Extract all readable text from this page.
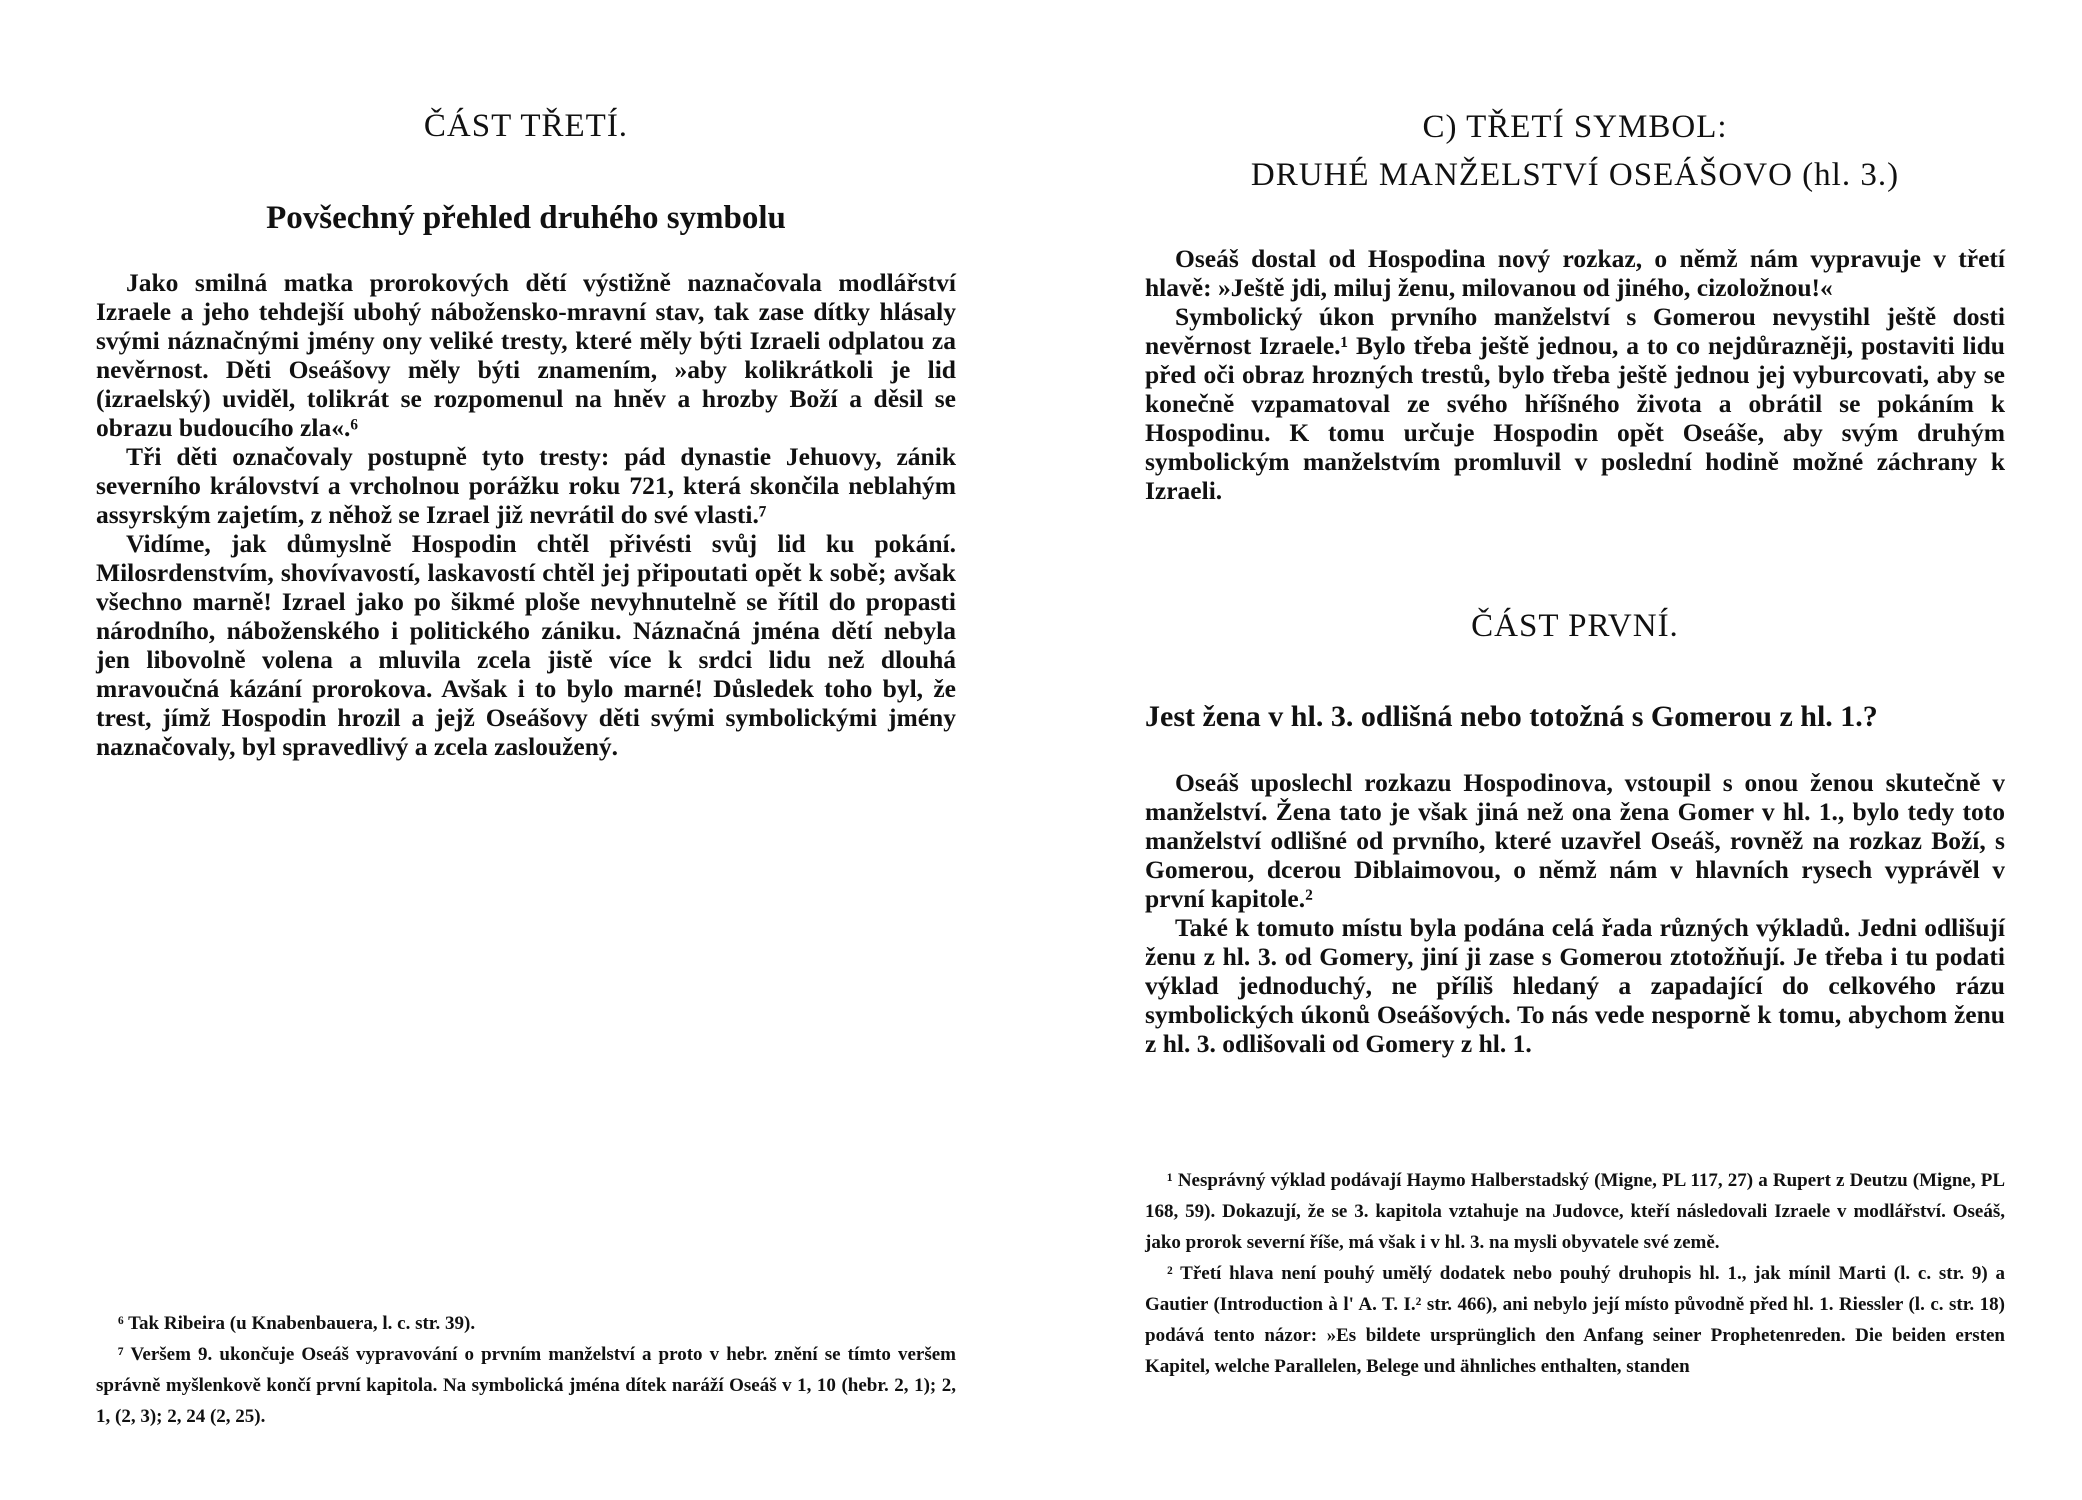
ČÁST TŘETÍ.
Povšechný přehled druhého symbolu

Jako smilná matka prorokových dětí výstižně naznačovala modlářství Izraele a jeho tehdejší ubohý nábožensko-mravní stav, tak zase dítky hlásaly svými náznačnými jmény ony veliké tresty, které měly býti Izraeli odplatou za nevěrnost. Děti Oseášovy měly býti znamením, »aby kolikrátkoli je lid (izraelský) uviděl, tolikrát se rozpomenul na hněv a hrozby Boží a děsil se obrazu budoucího zla«.⁶

Tři děti označovaly postupně tyto tresty: pád dynastie Jehuovy, zánik severního království a vrcholnou porážku roku 721, která skončila neblahým assyrským zajetím, z něhož se Izrael již nevrátil do své vlasti.⁷

Vidíme, jak důmyslně Hospodin chtěl přivésti svůj lid ku pokání. Milosrdenstvím, shovívavostí, laskavostí chtěl jej připoutati opět k sobě; avšak všechno marně! Izrael jako po šikmé ploše nevyhnutelně se řítil do propasti národního, náboženského i politického zániku. Náznačná jména dětí nebyla jen libovolně volena a mluvila zcela jistě více k srdci lidu než dlouhá mravoučná kázání prorokova. Avšak i to bylo marné! Důsledek toho byl, že trest, jímž Hospodin hrozil a jejž Oseášovy děti svými symbolickými jmény naznačovaly, byl spravedlivý a zcela zasloužený.

⁶ Tak Ribeira (u Knabenbauera, l. c. str. 39).

⁷ Veršem 9. ukončuje Oseáš vypravování o prvním manželství a proto v hebr. znění se tímto veršem správně myšlenkově končí první kapitola. Na symbolická jména dítek naráží Oseáš v 1, 10 (hebr. 2, 1); 2, 1, (2, 3); 2, 24 (2, 25).

C) TŘETÍ SYMBOL:
DRUHÉ MANŽELSTVÍ OSEÁŠOVO (hl. 3.)

Oseáš dostal od Hospodina nový rozkaz, o němž nám vypravuje v třetí hlavě: »Ještě jdi, miluj ženu, milovanou od jiného, cizoložnou!«

Symbolický úkon prvního manželství s Gomerou nevystihl ještě dosti nevěrnost Izraele.¹ Bylo třeba ještě jednou, a to co nejdůrazněji, postaviti lidu před oči obraz hrozných trestů, bylo třeba ještě jednou jej vyburcovati, aby se konečně vzpamatoval ze svého hříšného života a obrátil se pokáním k Hospodinu. K tomu určuje Hospodin opět Oseáše, aby svým druhým symbolickým manželstvím promluvil v poslední hodině možné záchrany k Izraeli.

ČÁST PRVNÍ.
Jest žena v hl. 3. odlišná nebo totožná s Gomerou z hl. 1.?

Oseáš uposlechl rozkazu Hospodinova, vstoupil s onou ženou skutečně v manželství. Žena tato je však jiná než ona žena Gomer v hl. 1., bylo tedy toto manželství odlišné od prvního, které uzavřel Oseáš, rovněž na rozkaz Boží, s Gomerou, dcerou Diblaimovou, o němž nám v hlavních rysech vyprávěl v první kapitole.²

Také k tomuto místu byla podána celá řada různých výkladů. Jedni odlišují ženu z hl. 3. od Gomery, jiní ji zase s Gomerou ztotožňují. Je třeba i tu podati výklad jednoduchý, ne příliš hledaný a zapadající do celkového rázu symbolických úkonů Oseášových. To nás vede nesporně k tomu, abychom ženu z hl. 3. odlišovali od Gomery z hl. 1.

¹ Nesprávný výklad podávají Haymo Halberstadský (Migne, PL 117, 27) a Rupert z Deutzu (Migne, PL 168, 59). Dokazují, že se 3. kapitola vztahuje na Judovce, kteří následovali Izraele v modlářství. Oseáš, jako prorok severní říše, má však i v hl. 3. na mysli obyvatele své země.

² Třetí hlava není pouhý umělý dodatek nebo pouhý druhopis hl. 1., jak mínil Marti (l. c. str. 9) a Gautier (Introduction à l' A. T. I.² str. 466), ani nebylo její místo původně před hl. 1. Riessler (l. c. str. 18) podává tento názor: »Es bildete ursprünglich den Anfang seiner Prophetenreden. Die beiden ersten Kapitel, welche Parallelen, Belege und ähnliches enthalten, standen
